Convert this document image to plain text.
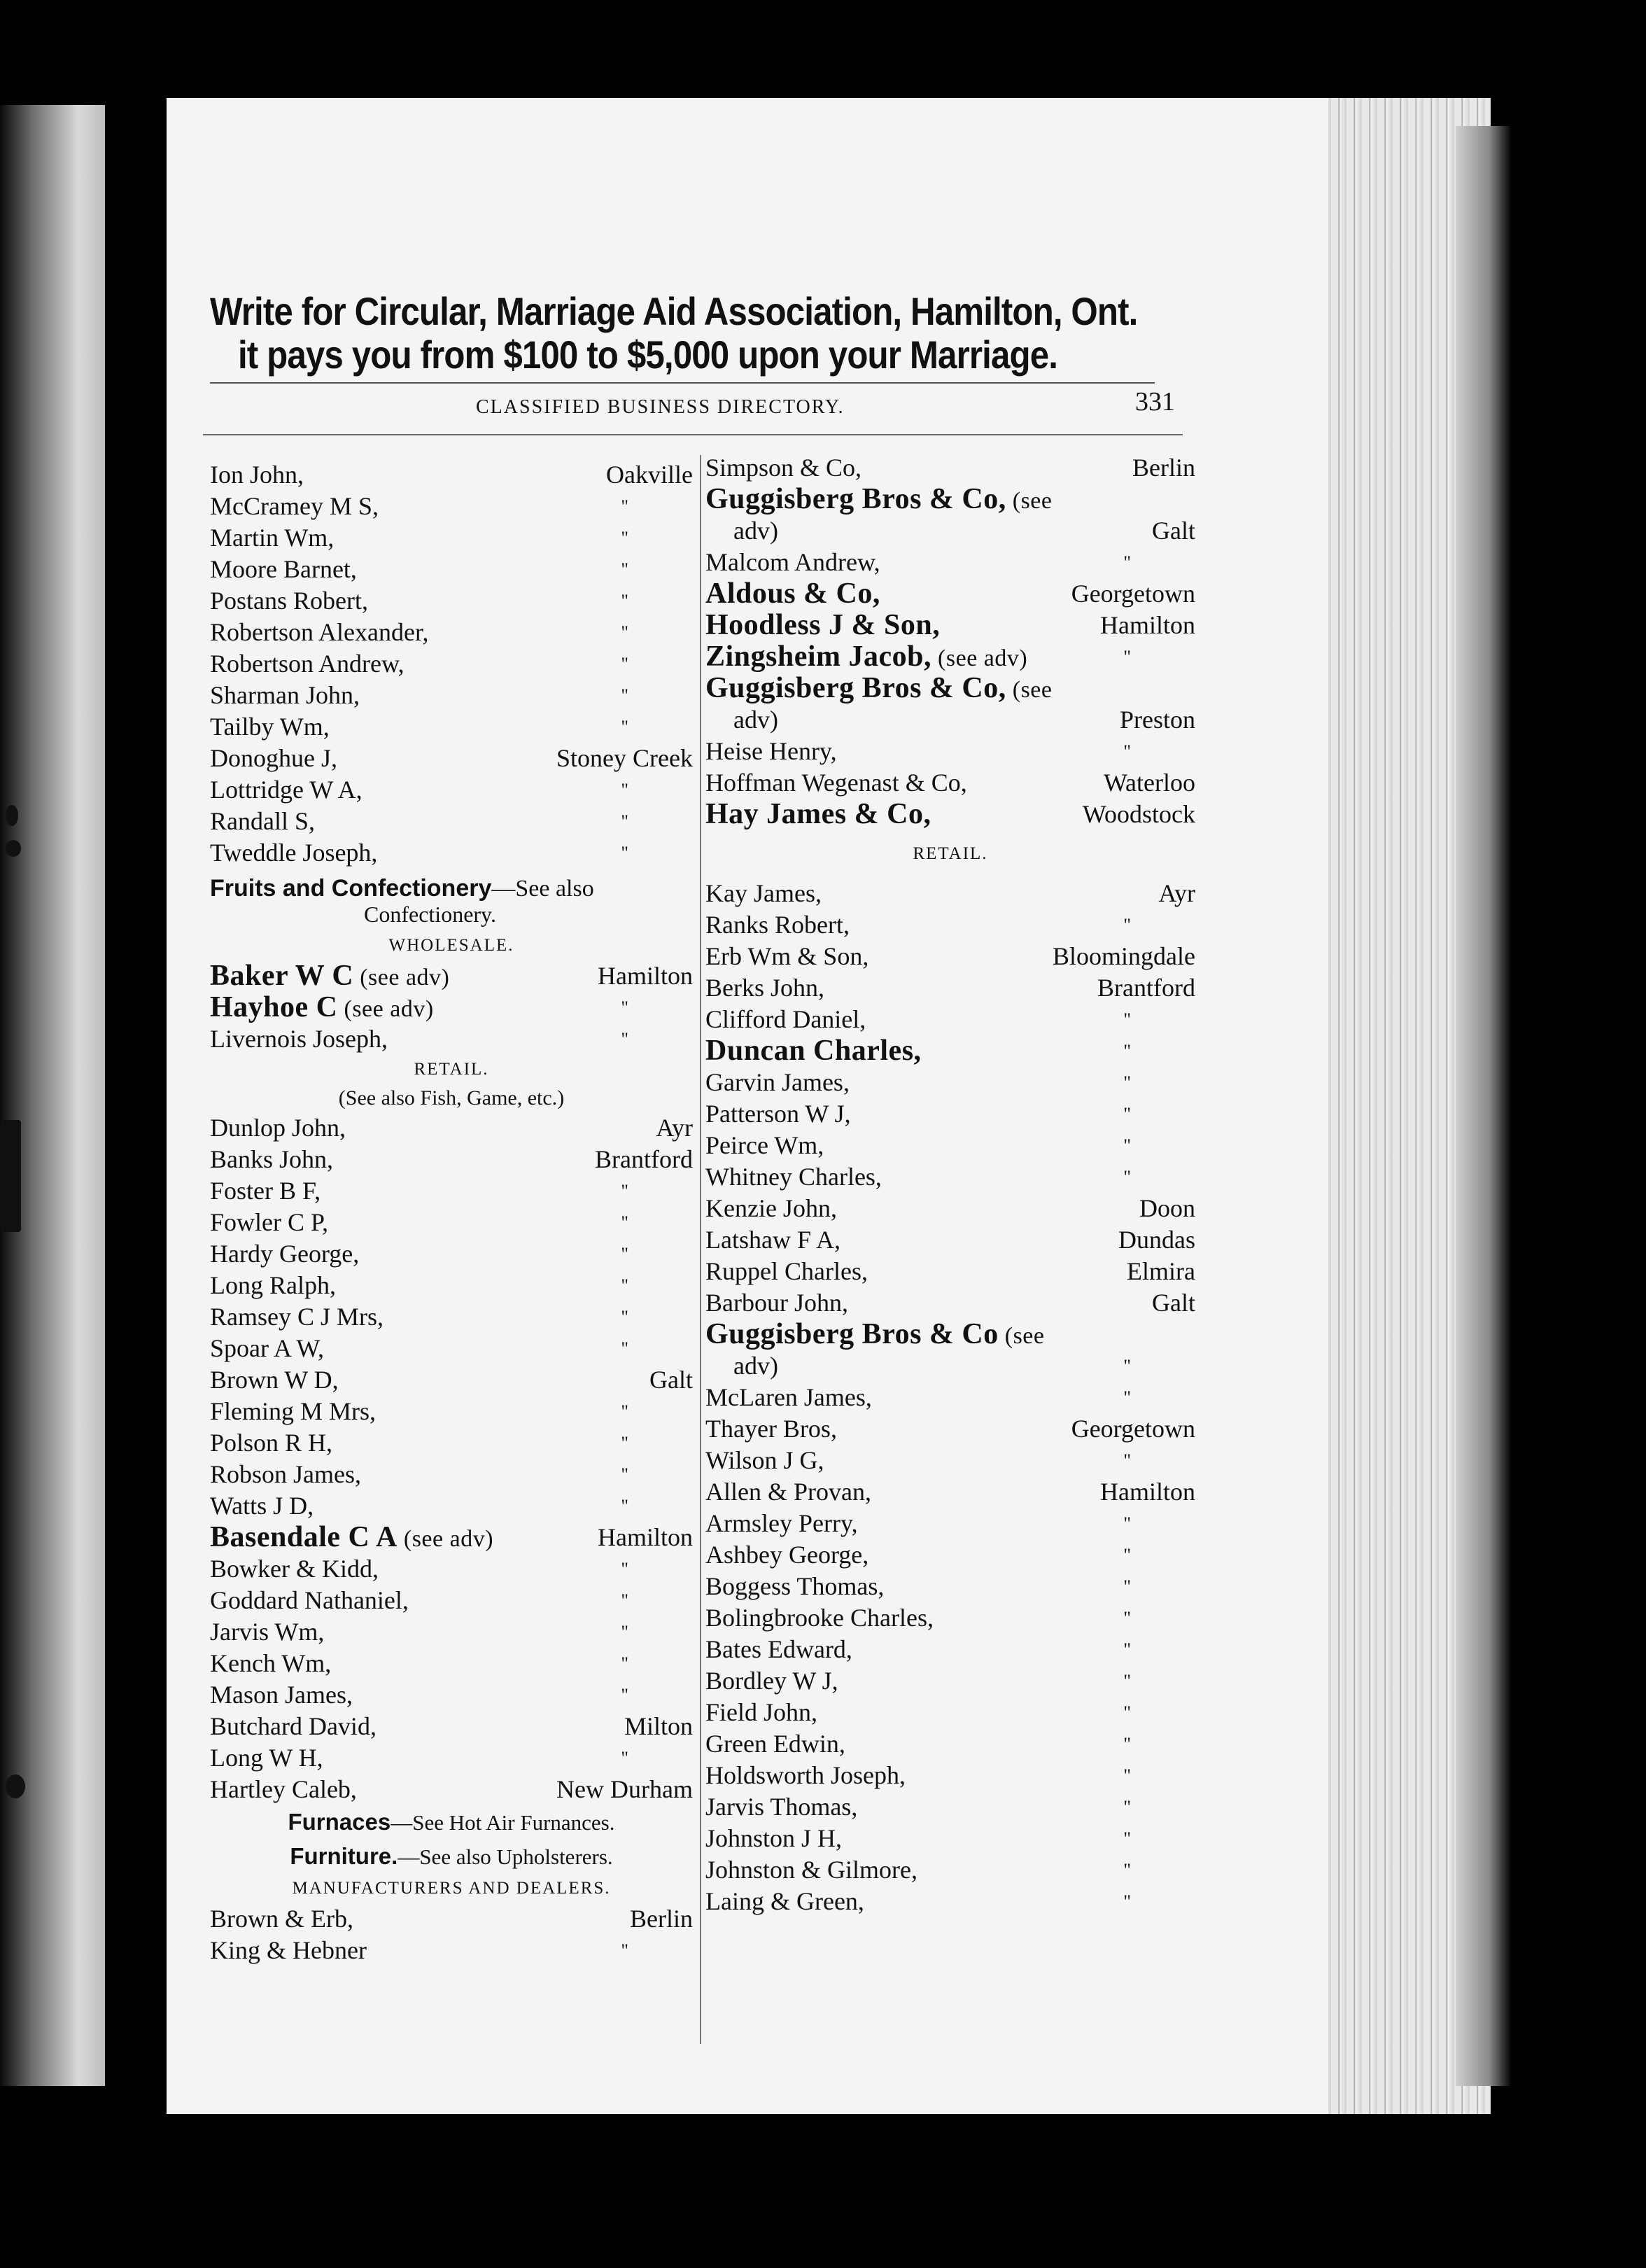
Write for Circular, Marriage Aid Association, Hamilton, Ont.
it pays you from $100 to $5,000 upon your Marriage.
CLASSIFIED BUSINESS DIRECTORY.	331
Ion John,	Oakville
McCramey M S,	"
Martin Wm,	"
Moore Barnet,	"
Postans Robert,	"
Robertson Alexander,	"
Robertson Andrew,	"
Sharman John,	"
Tailby Wm,	"
Donoghue J,	Stoney Creek
Lottridge W A,	"
Randall S,	"
Tweddle Joseph,	"
Fruits and Confectionery—See also
Confectionery.
WHOLESALE.
Baker W C (see adv)	Hamilton
Hayhoe C (see adv)	"
Livernois Joseph,	"
RETAIL.
(See also Fish, Game, etc.)
Dunlop John,	Ayr
Banks John,	Brantford
Foster B F,	"
Fowler C P,	"
Hardy George,	"
Long Ralph,	"
Ramsey C J Mrs,	"
Spoar A W,	"
Brown W D,	Galt
Fleming M Mrs,	"
Polson R H,	"
Robson James,	"
Watts J D,	"
Basendale C A (see adv)	Hamilton
Bowker & Kidd,	"
Goddard Nathaniel,	"
Jarvis Wm,	"
Kench Wm,	"
Mason James,	"
Butchard David,	Milton
Long W H,	"
Hartley Caleb,	New Durham
Furnaces—See Hot Air Furnances.
Furniture.—See also Upholsterers.
MANUFACTURERS AND DEALERS.
Brown & Erb,	Berlin
King & Hebner	"
Simpson & Co,	Berlin
Guggisberg Bros & Co, (see
adv)	Galt
Malcom Andrew,	"
Aldous & Co,	Georgetown
Hoodless J & Son,	Hamilton
Zingsheim Jacob, (see adv)	"
Guggisberg Bros & Co, (see
adv)	Preston
Heise Henry,	"
Hoffman Wegenast & Co,	Waterloo
Hay James & Co,	Woodstock
RETAIL.
Kay James,	Ayr
Ranks Robert,	"
Erb Wm & Son,	Bloomingdale
Berks John,	Brantford
Clifford Daniel,	"
Duncan Charles,	"
Garvin James,	"
Patterson W J,	"
Peirce Wm,	"
Whitney Charles,	"
Kenzie John,	Doon
Latshaw F A,	Dundas
Ruppel Charles,	Elmira
Barbour John,	Galt
Guggisberg Bros & Co (see
adv)	"
McLaren James,	"
Thayer Bros,	Georgetown
Wilson J G,	"
Allen & Provan,	Hamilton
Armsley Perry,	"
Ashbey George,	"
Boggess Thomas,	"
Bolingbrooke Charles,	"
Bates Edward,	"
Bordley W J,	"
Field John,	"
Green Edwin,	"
Holdsworth Joseph,	"
Jarvis Thomas,	"
Johnston J H,	"
Johnston & Gilmore,	"
Laing & Green,	"
